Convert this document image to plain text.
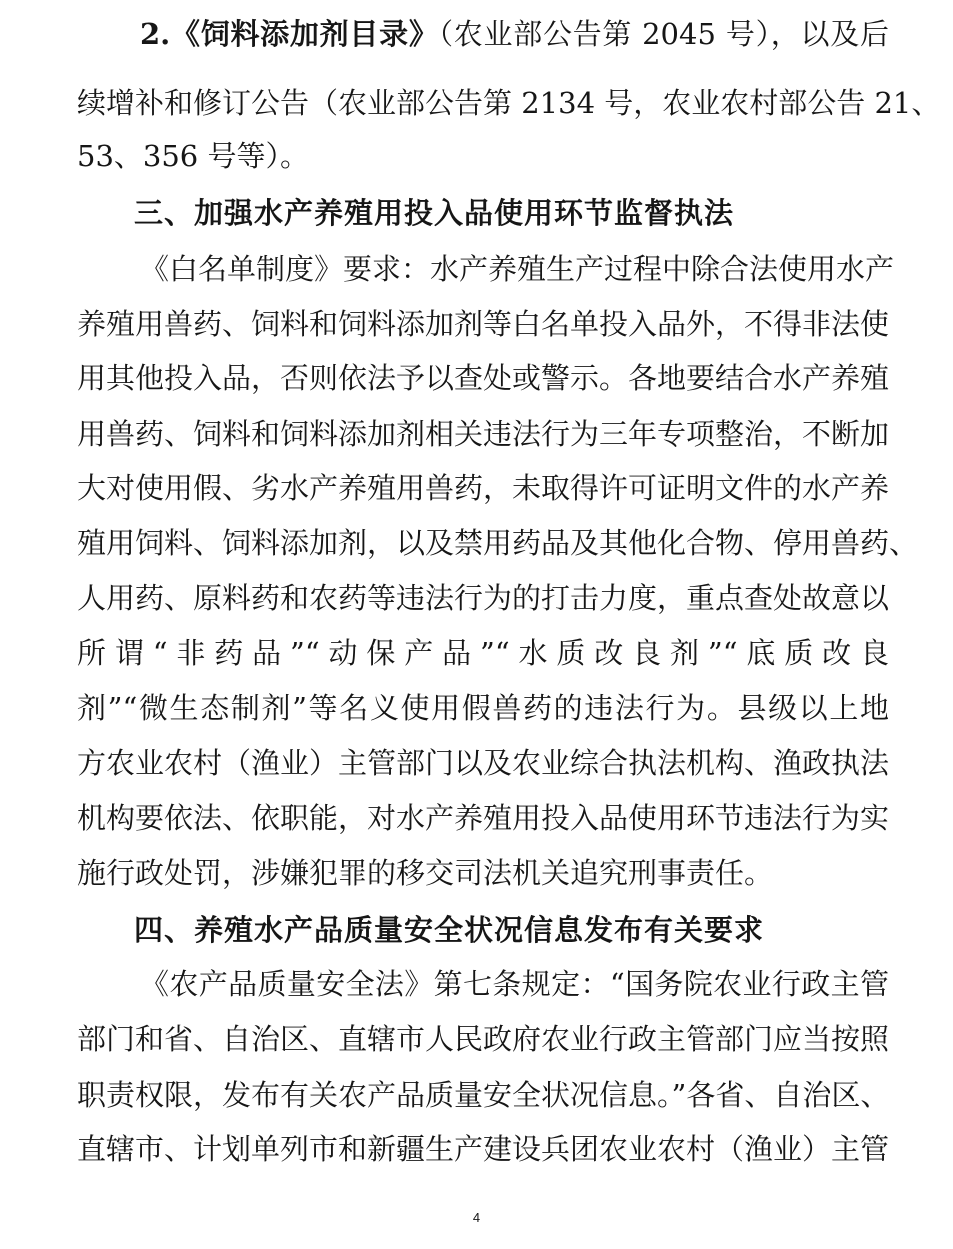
2.《饲料添加剂目录》（农业部公告第 2045 号），以及后
续增补和修订公告（农业部公告第 2134 号，农业农村部公告 21、
53、356 号等）。
三、加强水产养殖用投入品使用环节监督执法
《白名单制度》要求：水产养殖生产过程中除合法使用水产
养殖用兽药、饲料和饲料添加剂等白名单投入品外，不得非法使
用其他投入品，否则依法予以查处或警示。各地要结合水产养殖
用兽药、饲料和饲料添加剂相关违法行为三年专项整治，不断加
大对使用假、劣水产养殖用兽药，未取得许可证明文件的水产养
殖用饲料、饲料添加剂，以及禁用药品及其他化合物、停用兽药、
人用药、原料药和农药等违法行为的打击力度，重点查处故意以
所谓“非药品”“动保产品”“水质改良剂”“底质改良
剂”“微生态制剂”等名义使用假兽药的违法行为。县级以上地
方农业农村（渔业）主管部门以及农业综合执法机构、渔政执法
机构要依法、依职能，对水产养殖用投入品使用环节违法行为实
施行政处罚，涉嫌犯罪的移交司法机关追究刑事责任。
四、养殖水产品质量安全状况信息发布有关要求
《农产品质量安全法》第七条规定：“国务院农业行政主管
部门和省、自治区、直辖市人民政府农业行政主管部门应当按照
职责权限，发布有关农产品质量安全状况信息。”各省、自治区、
直辖市、计划单列市和新疆生产建设兵团农业农村（渔业）主管
4
